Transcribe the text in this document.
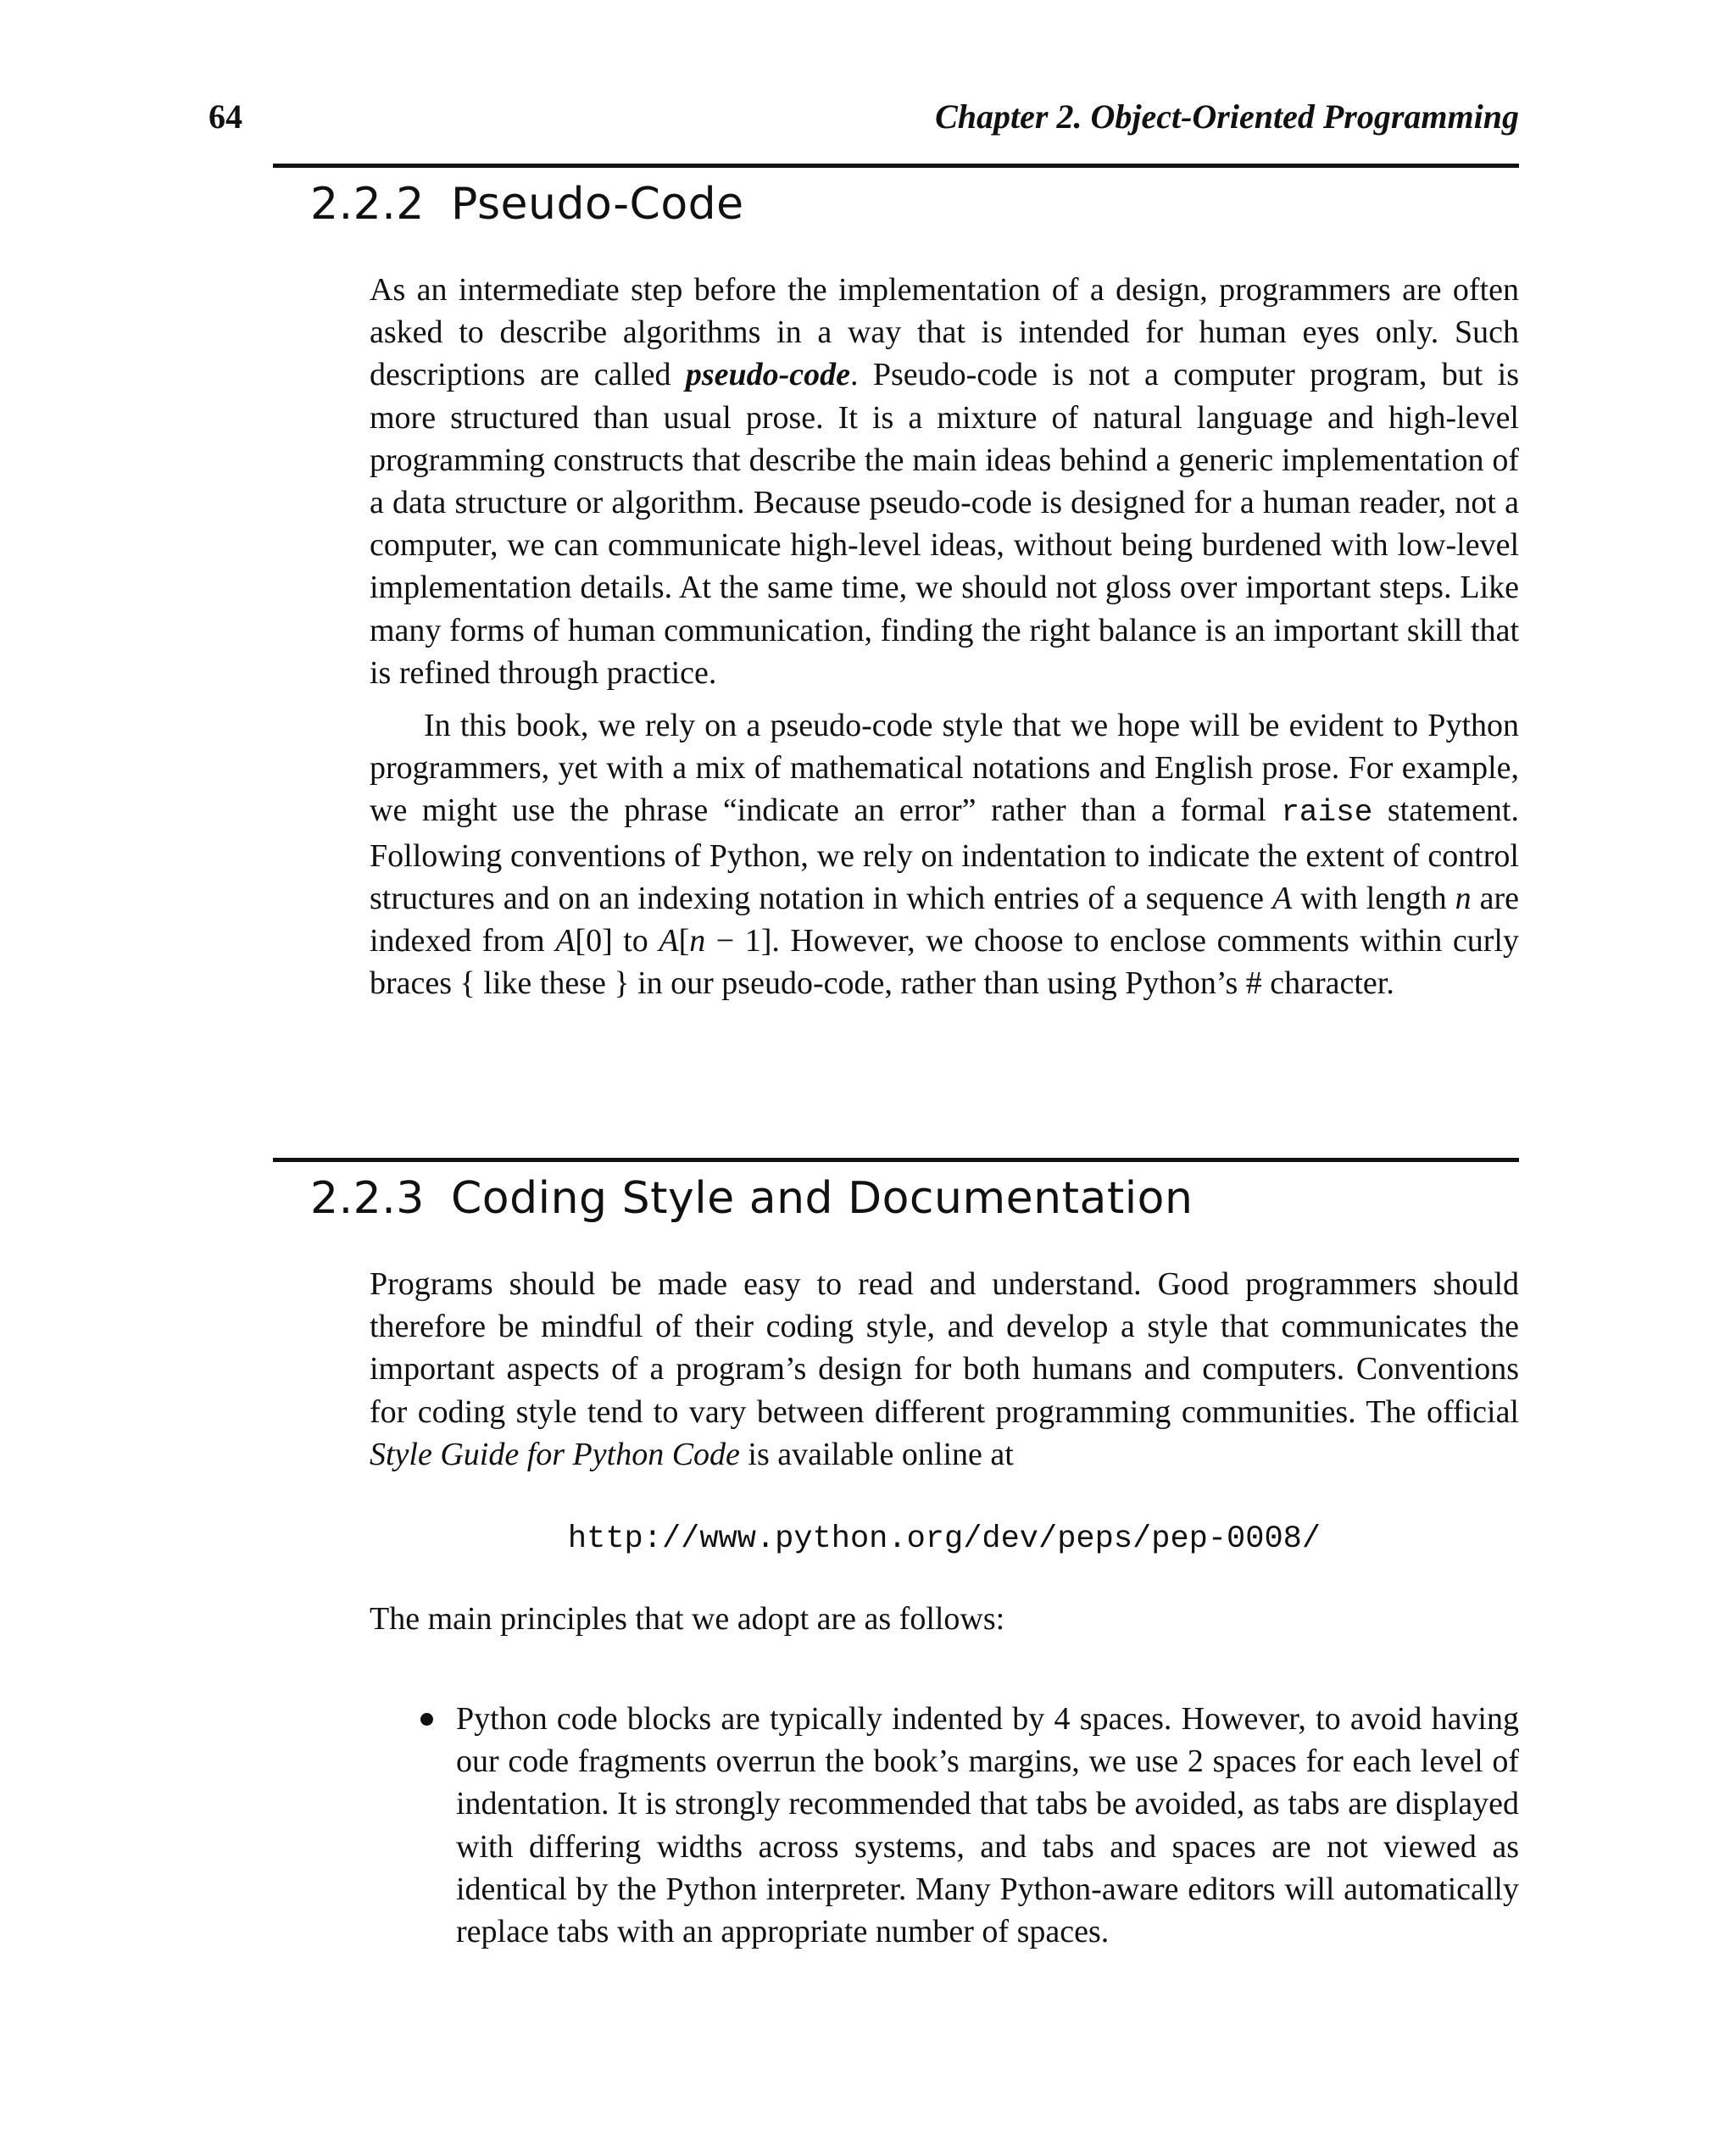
64	Chapter 2. Object-Oriented Programming
2.2.2 Pseudo-Code

As an intermediate step before the implementation of a design, programmers are often asked to describe algorithms in a way that is intended for human eyes only. Such descriptions are called pseudo-code. Pseudo-code is not a computer program, but is more structured than usual prose. It is a mixture of natural language and high-level programming constructs that describe the main ideas behind a generic implementation of a data structure or algorithm. Because pseudo-code is designed for a human reader, not a computer, we can communicate high-level ideas, without being burdened with low-level implementation details. At the same time, we should not gloss over important steps. Like many forms of human communication, finding the right balance is an important skill that is refined through practice.

In this book, we rely on a pseudo-code style that we hope will be evident to Python programmers, yet with a mix of mathematical notations and English prose. For example, we might use the phrase “indicate an error” rather than a formal raise statement. Following conventions of Python, we rely on indentation to indicate the extent of control structures and on an indexing notation in which entries of a sequence A with length n are indexed from A[0] to A[n − 1]. However, we choose to enclose comments within curly braces { like these } in our pseudo-code, rather than using Python’s # character.

2.2.3 Coding Style and Documentation

Programs should be made easy to read and understand. Good programmers should therefore be mindful of their coding style, and develop a style that communicates the important aspects of a program’s design for both humans and computers. Conventions for coding style tend to vary between different programming communities. The official Style Guide for Python Code is available online at

http://www.python.org/dev/peps/pep-0008/

The main principles that we adopt are as follows:

Python code blocks are typically indented by 4 spaces. However, to avoid having our code fragments overrun the book’s margins, we use 2 spaces for each level of indentation. It is strongly recommended that tabs be avoided, as tabs are displayed with differing widths across systems, and tabs and spaces are not viewed as identical by the Python interpreter. Many Python-aware editors will automatically replace tabs with an appropriate number of spaces.
